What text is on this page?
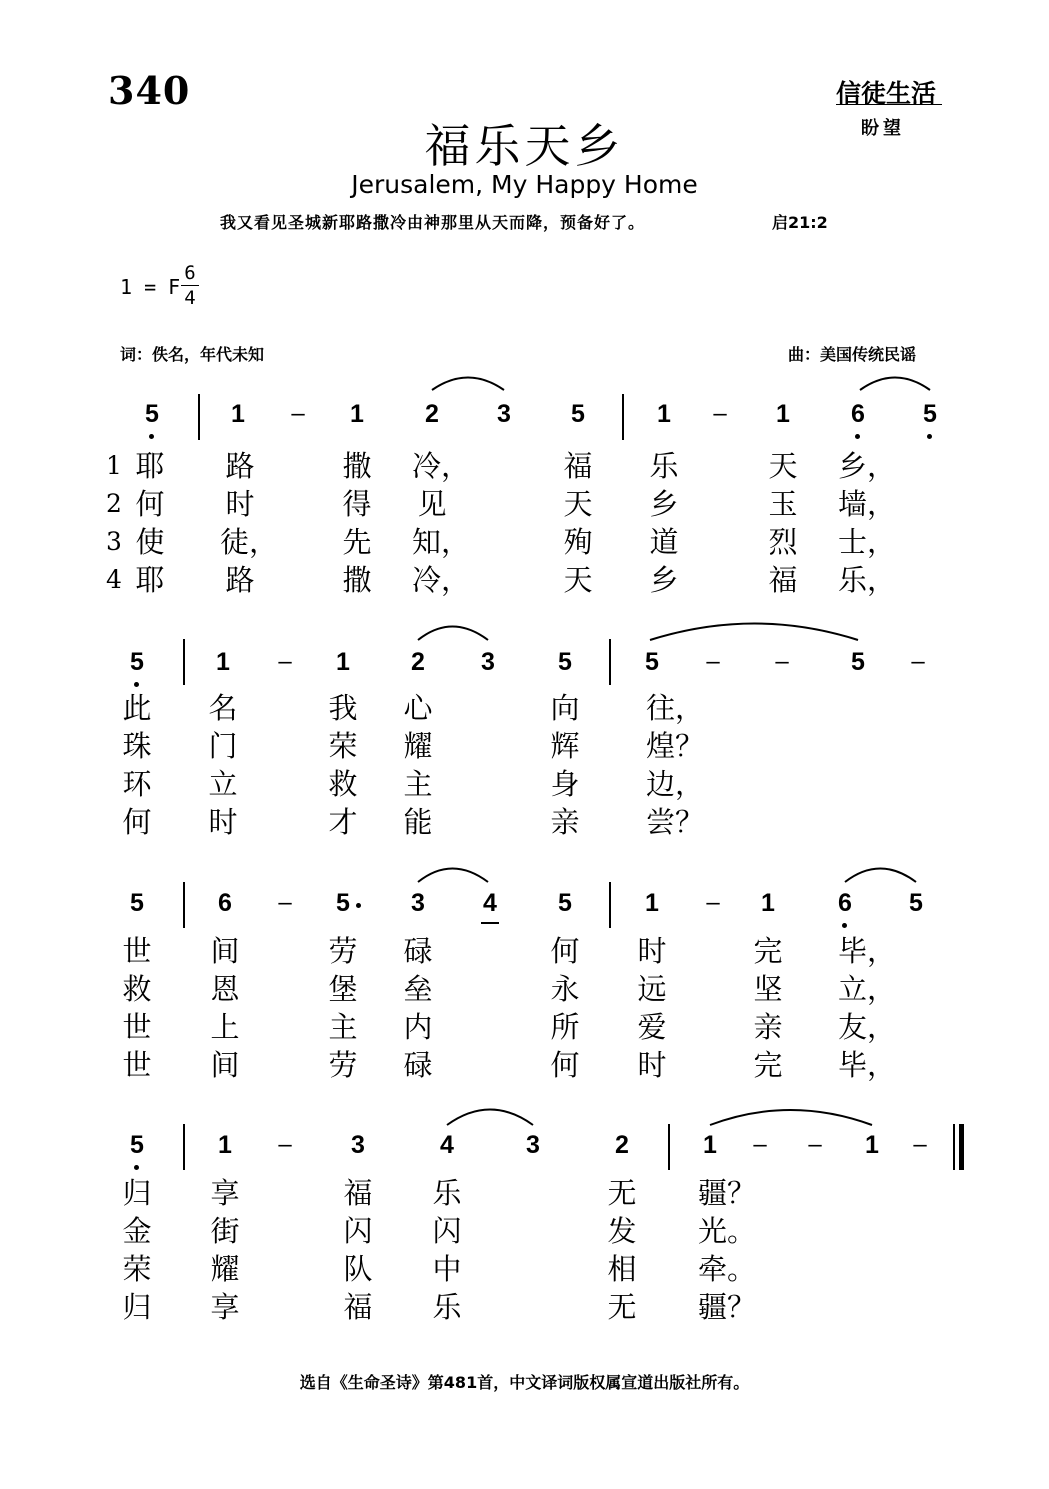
340	信徒生活
盼望
福乐天乡
Jerusalem, My Happy Home
我又看见圣城新耶路撒冷由神那里从天而降，预备好了。	启21:2
1 = F
6
4
词：佚名，年代未知	曲：美国传统民谣
5	1	–	1	2	3	5	1	–	1	6	5
耶 路	撒 冷，	福 乐	天 乡，
何 时	得 见	天 乡	玉 墙，
使 徒， 先 知，	殉 道	烈 士，
耶 路	撒 冷，	天 乡	福 乐，
1
2
3
4
5	1	–	1	2	3	5	5	–	–	5	–
此 名	我 心	向 往，
珠 门	荣 耀	辉 煌？
环 立	救 主	身 边，
何 时	才 能	亲 尝？
5	6	–	5	3	4	5	1	–	1	6	5
世 间	劳 碌	何 时	完 毕，
救 恩	堡 垒	永 远	坚 立，
世 上	主 内	所 爱	亲 友，
世 间	劳 碌	何 时	完 毕，
5	1	–	3	4	3	2	1	–	–	1	–
归 享	福 乐	无 疆？
金 街	闪 闪	发 光。
荣 耀	队 中	相 牵。
归 享	福 乐	无 疆？
选自《生命圣诗》第481首，中文译词版权属宣道出版社所有。
